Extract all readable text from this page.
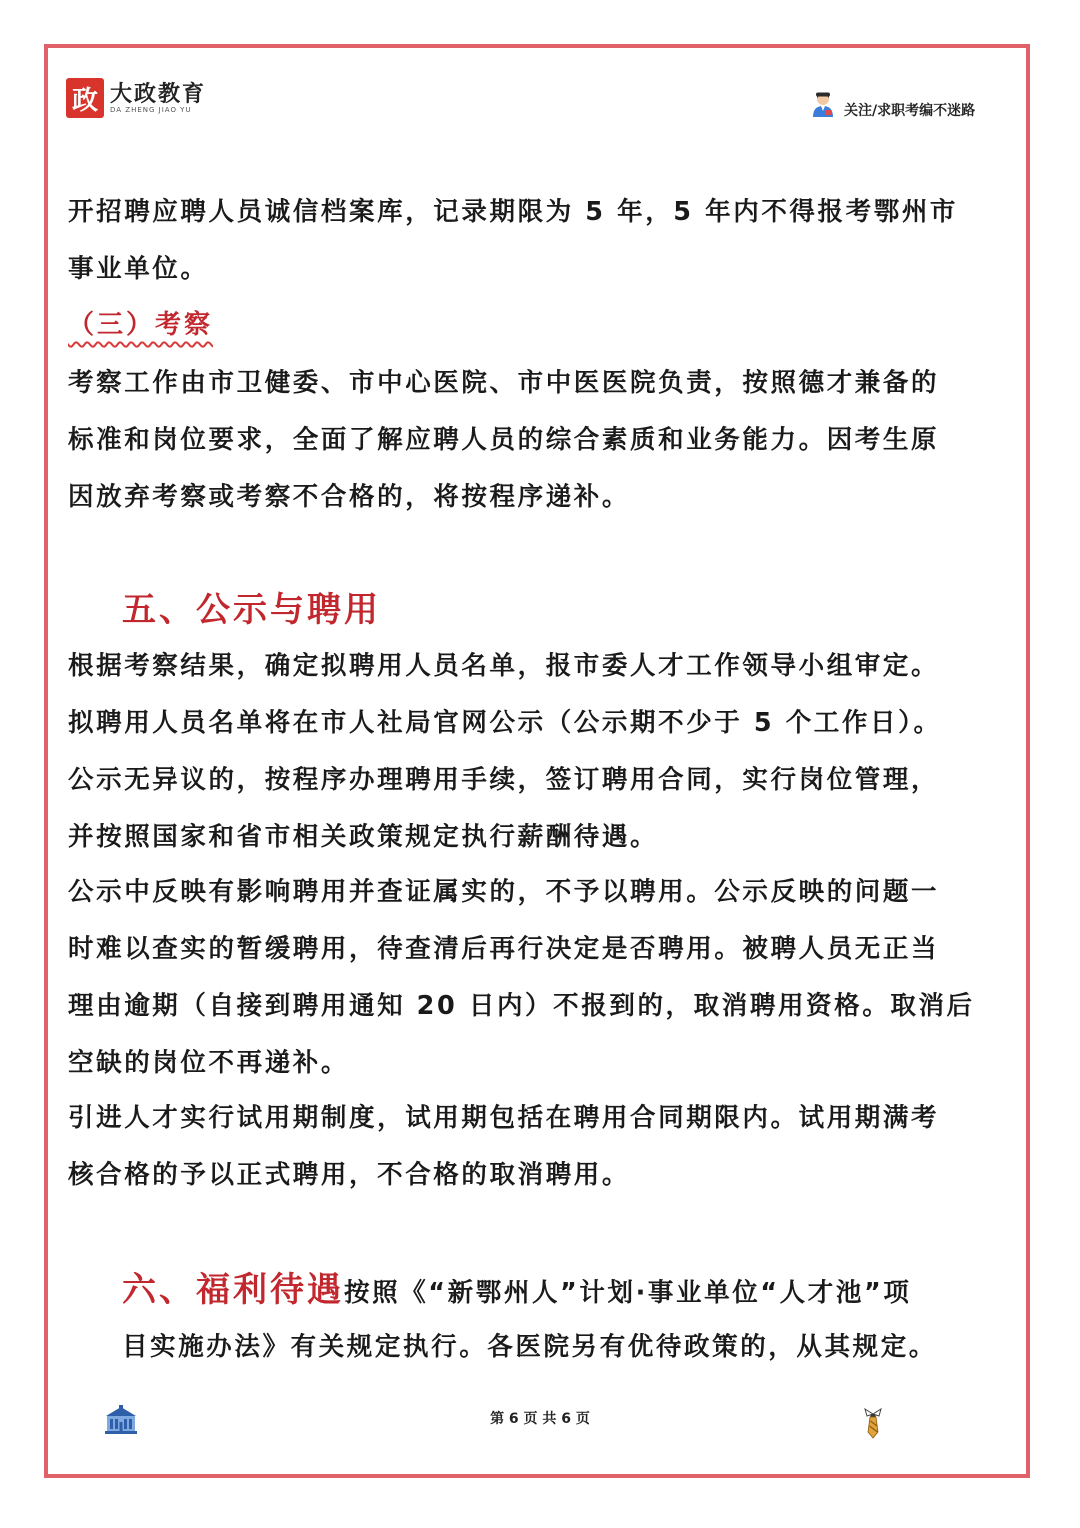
政 大政教育
DA ZHENG JIAO YU	关注/求职考编不迷路
开招聘应聘人员诚信档案库，记录期限为 5 年，5 年内不得报考鄂州市
事业单位。
（三）考察
考察工作由市卫健委、市中心医院、市中医医院负责，按照德才兼备的
标准和岗位要求，全面了解应聘人员的综合素质和业务能力。因考生原
因放弃考察或考察不合格的，将按程序递补。
五、公示与聘用
根据考察结果，确定拟聘用人员名单，报市委人才工作领导小组审定。
拟聘用人员名单将在市人社局官网公示（公示期不少于 5 个工作日）。
公示无异议的，按程序办理聘用手续，签订聘用合同，实行岗位管理，
并按照国家和省市相关政策规定执行薪酬待遇。
公示中反映有影响聘用并查证属实的，不予以聘用。公示反映的问题一
时难以查实的暂缓聘用，待查清后再行决定是否聘用。被聘人员无正当
理由逾期（自接到聘用通知 20 日内）不报到的，取消聘用资格。取消后
空缺的岗位不再递补。
引进人才实行试用期制度，试用期包括在聘用合同期限内。试用期满考
核合格的予以正式聘用，不合格的取消聘用。
六、福利待遇按照《“新鄂州人”计划·事业单位“人才池”项
目实施办法》有关规定执行。各医院另有优待政策的，从其规定。
第 6 页 共 6 页
